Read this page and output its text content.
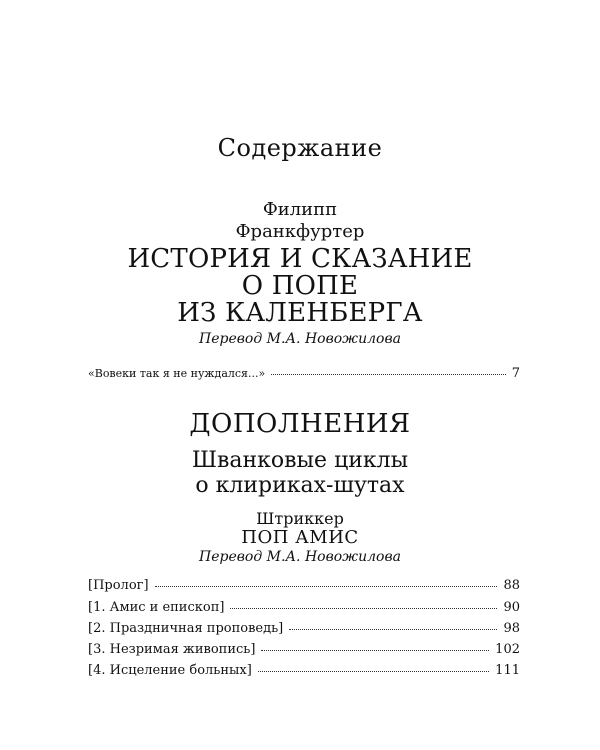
Содержание
Филипп
Франкфуртер
ИСТОРИЯ И СКАЗАНИЕ
О ПОПЕ
ИЗ КАЛЕНБЕРГА
Перевод М.А. Новожилова
«Вовеки так я не нуждался...»	7
ДОПОЛНЕНИЯ
Шванковые циклы
о клириках-шутах
Штриккер
ПОП АМИС
Перевод М.А. Новожилова
[Пролог]	88
[1. Амис и епископ]	90
[2. Праздничная проповедь]	98
[3. Незримая живопись]	102
[4. Исцеление больных]	111
